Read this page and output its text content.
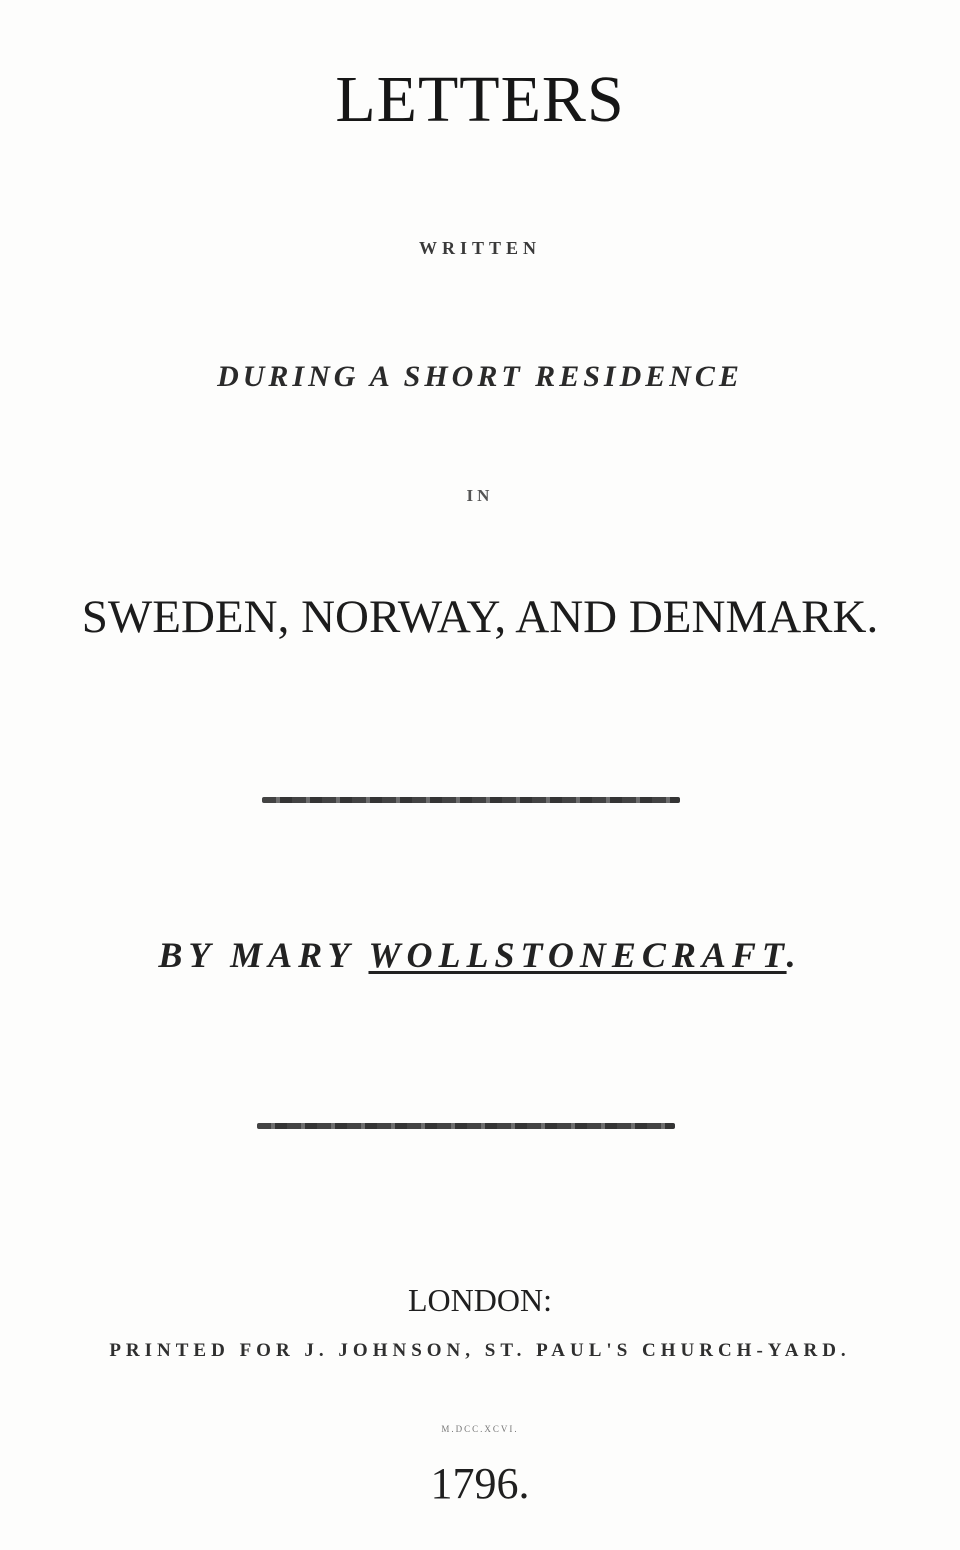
LETTERS
WRITTEN
DURING A SHORT RESIDENCE
IN
SWEDEN, NORWAY, AND DENMARK.
BY MARY WOLLSTONECRAFT.
LONDON:
PRINTED FOR J. JOHNSON, ST. PAUL'S CHURCH-YARD.
M.DCC.XCVI.
1796.
